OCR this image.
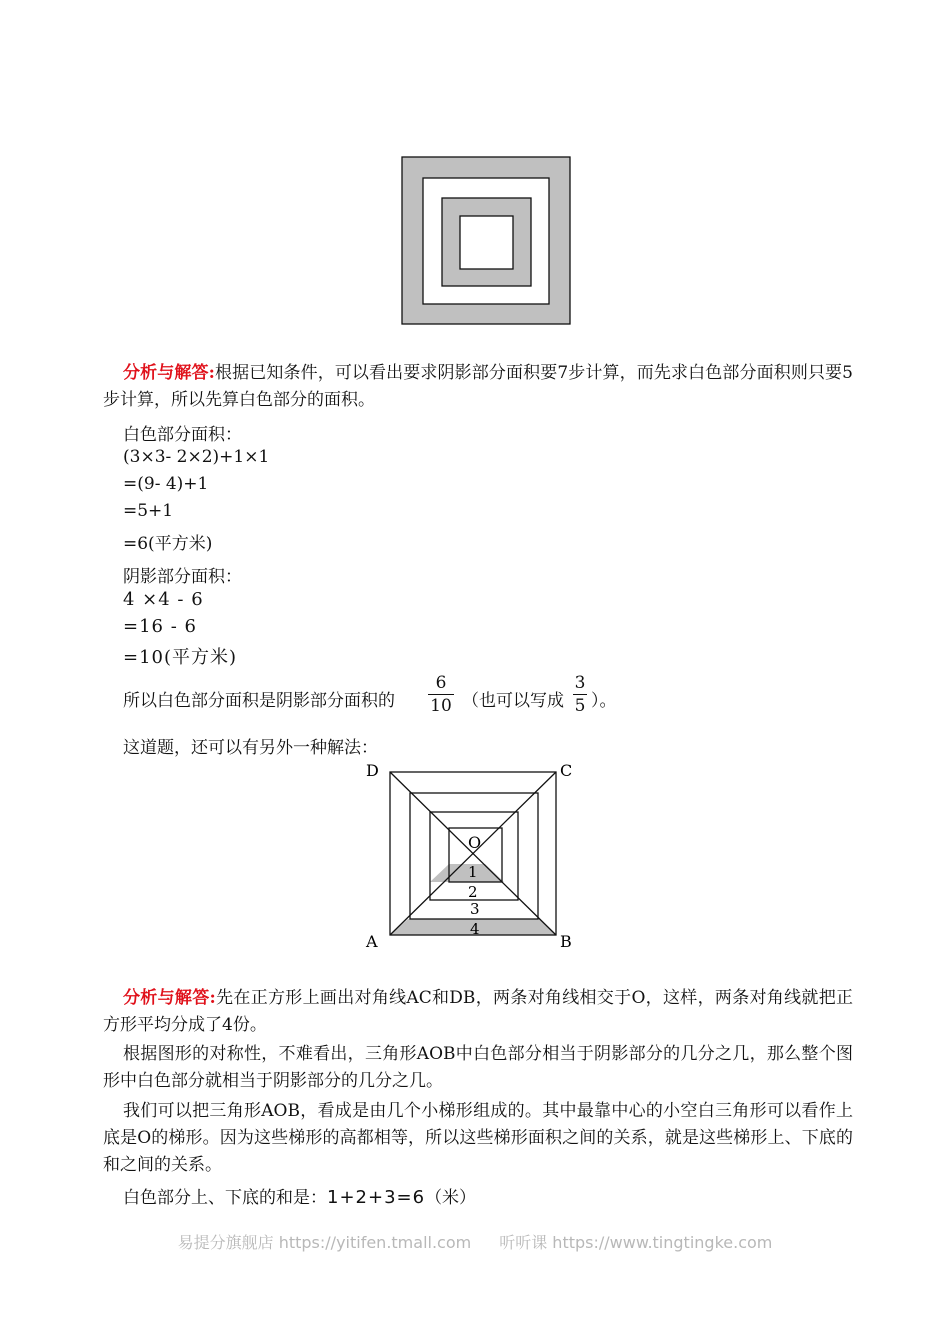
分析与解答:根据已知条件，可以看出要求阴影部分面积要7步计算，而先求白色部分面积则只要5步计算，所以先算白色部分的面积。
白色部分面积：
(3×3- 2×2)+1×1
=(9- 4)+1
=5+1
=6(平方米)
阴影部分面积：
4 ×4 - 6
=16 - 6
=10(平方米)
所以白色部分面积是阴影部分面积的
6
10 （也可以写成
3
5 ）。
这道题，还可以有另外一种解法：
D	C
A	B
O
1
2
3
4
分析与解答:先在正方形上画出对角线AC和DB，两条对角线相交于O，这样，两条对角线就把正方形平均分成了4份。
根据图形的对称性，不难看出，三角形AOB中白色部分相当于阴影部分的几分之几，那么整个图形中白色部分就相当于阴影部分的几分之几。
我们可以把三角形AOB，看成是由几个小梯形组成的。其中最靠中心的小空白三角形可以看作上底是O的梯形。因为这些梯形的高都相等，所以这些梯形面积之间的关系，就是这些梯形上、下底的和之间的关系。
白色部分上、下底的和是：1+2+3=6（米）
易提分旗舰店 https://yitifen.tmall.com 听听课 https://www.tingtingke.com
